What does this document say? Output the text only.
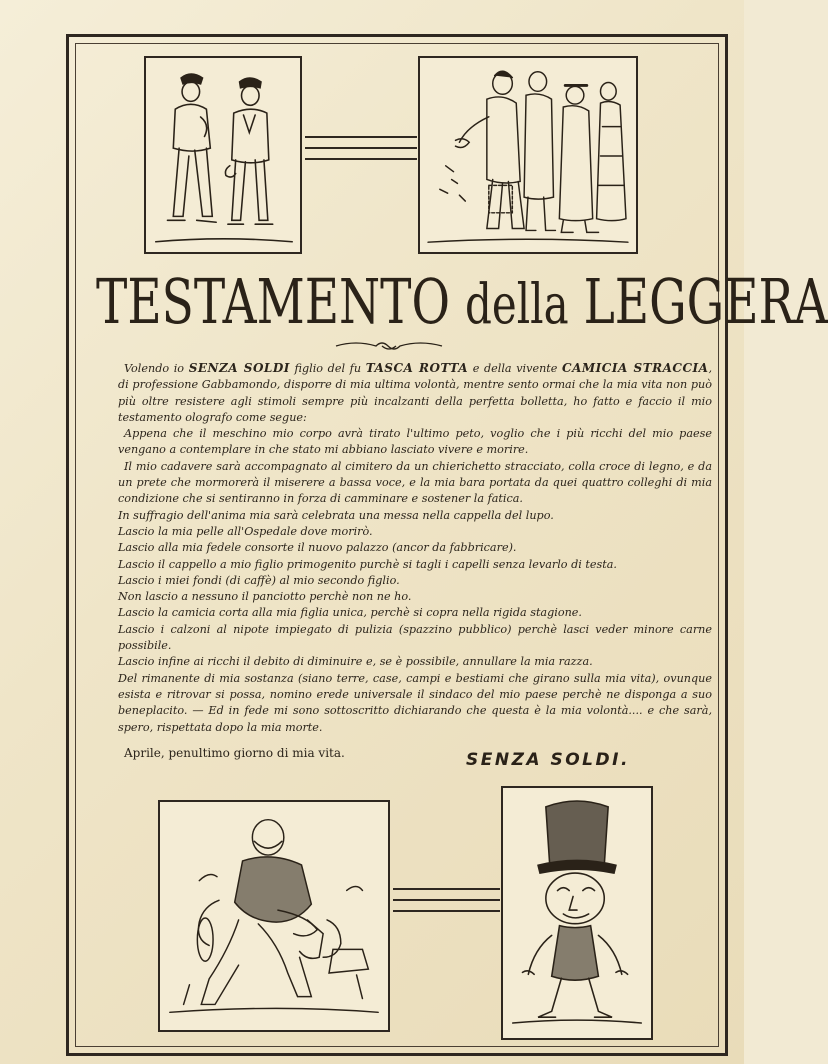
TESTAMENTO della LEGGERA

Volendo io SENZA SOLDI figlio del fu TASCA ROTTA e della vivente CAMICIA STRACCIA, di professione Gabbamondo, disporre di mia ultima volontà, mentre sento ormai che la mia vita non può più oltre resistere agli stimoli sempre più incalzanti della perfetta bolletta, ho fatto e faccio il mio testamento olografo come segue:

Appena che il meschino mio corpo avrà tirato l'ultimo peto, voglio che i più ricchi del mio paese vengano a contemplare in che stato mi abbiano lasciato vivere e morire.

Il mio cadavere sarà accompagnato al cimitero da un chierichetto stracciato, colla croce di legno, e da un prete che mormorerà il miserere a bassa voce, e la mia bara portata da quei quattro colleghi di mia condizione che si sentiranno in forza di camminare e sostener la fatica.

In suffragio dell'anima mia sarà celebrata una messa nella cappella del lupo.

Lascio la mia pelle all'Ospedale dove morirò.

Lascio alla mia fedele consorte il nuovo palazzo (ancor da fabbricare).

Lascio il cappello a mio figlio primogenito purchè si tagli i capelli senza levarlo di testa.

Lascio i miei fondi (di caffè) al mio secondo figlio.

Non lascio a nessuno il panciotto perchè non ne ho.

Lascio la camicia corta alla mia figlia unica, perchè si copra nella rigida stagione.

Lascio i calzoni al nipote impiegato di pulizia (spazzino pubblico) perchè lasci veder minore carne possibile.

Lascio infine ai ricchi il debito di diminuire e, se è possibile, annullare la mia razza.

Del rimanente di mia sostanza (siano terre, case, campi e bestiami che girano sulla mia vita), ovunque esista e ritrovar si possa, nomino erede universale il sindaco del mio paese perchè ne disponga a suo beneplacito. — Ed in fede mi sono sottoscritto dichiarando che questa è la mia volontà.... e che sarà, spero, rispettata dopo la mia morte.

Aprile, penultimo giorno di mia vita.	SENZA SOLDI.
